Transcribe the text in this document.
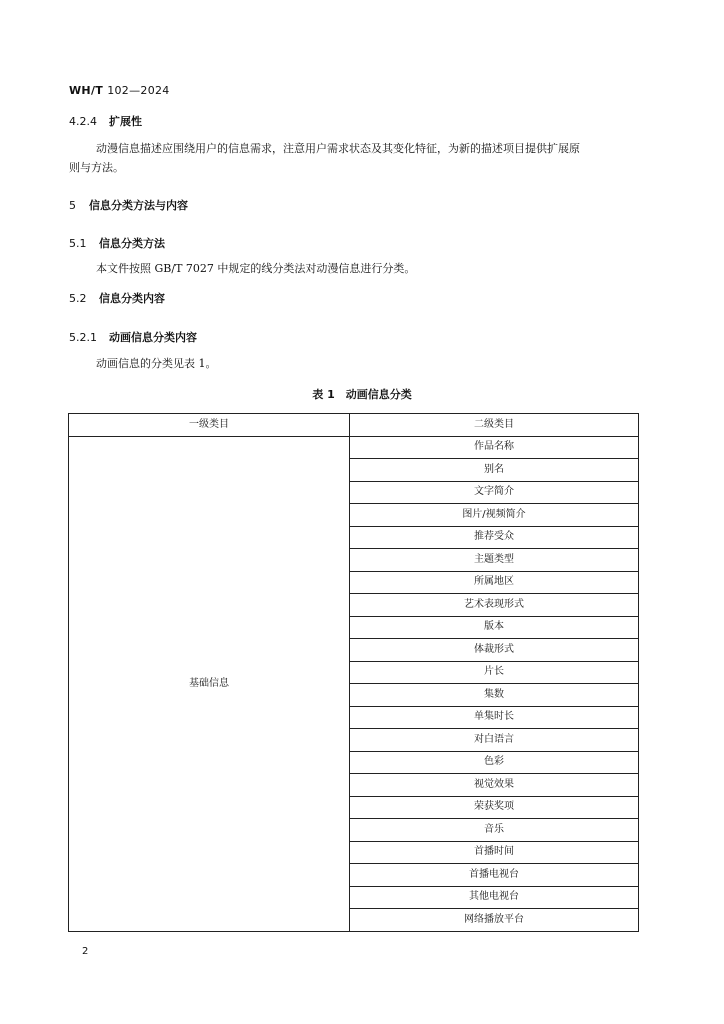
WH/T 102—2024
4.2.4 扩展性
动漫信息描述应围绕用户的信息需求，注意用户需求状态及其变化特征，为新的描述项目提供扩展原
则与方法。
5 信息分类方法与内容
5.1 信息分类方法
本文件按照 GB/T 7027 中规定的线分类法对动漫信息进行分类。
5.2 信息分类内容
5.2.1 动画信息分类内容
动画信息的分类见表 1。
表 1　动画信息分类
一级类目	二级类目
基础信息	作品名称
	别名
	文字简介
	图片/视频简介
	推荐受众
	主题类型
	所属地区
	艺术表现形式
	版本
	体裁形式
	片长
	集数
	单集时长
	对白语言
	色彩
	视觉效果
	荣获奖项
	音乐
	首播时间
	首播电视台
	其他电视台
	网络播放平台
2
